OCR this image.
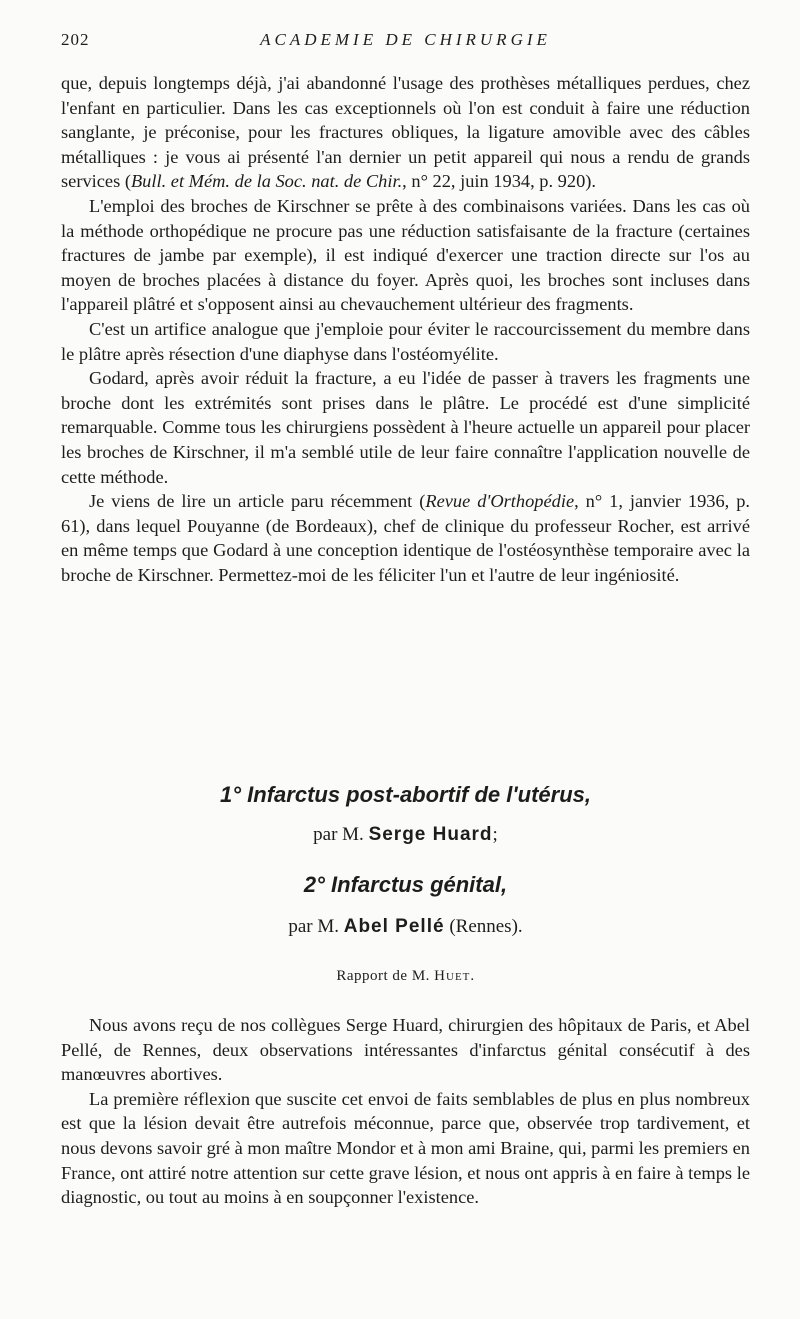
202	ACADEMIE DE CHIRURGIE

que, depuis longtemps déjà, j'ai abandonné l'usage des prothèses métalliques perdues, chez l'enfant en particulier. Dans les cas exceptionnels où l'on est conduit à faire une réduction sanglante, je préconise, pour les fractures obliques, la ligature amovible avec des câbles métalliques : je vous ai présenté l'an dernier un petit appareil qui nous a rendu de grands services (Bull. et Mém. de la Soc. nat. de Chir., n° 22, juin 1934, p. 920).

L'emploi des broches de Kirschner se prête à des combinaisons variées. Dans les cas où la méthode orthopédique ne procure pas une réduction satisfaisante de la fracture (certaines fractures de jambe par exemple), il est indiqué d'exercer une traction directe sur l'os au moyen de broches placées à distance du foyer. Après quoi, les broches sont incluses dans l'appareil plâtré et s'opposent ainsi au chevauchement ultérieur des fragments.

C'est un artifice analogue que j'emploie pour éviter le raccourcissement du membre dans le plâtre après résection d'une diaphyse dans l'ostéomyélite.

Godard, après avoir réduit la fracture, a eu l'idée de passer à travers les fragments une broche dont les extrémités sont prises dans le plâtre. Le procédé est d'une simplicité remarquable. Comme tous les chirurgiens possèdent à l'heure actuelle un appareil pour placer les broches de Kirschner, il m'a semblé utile de leur faire connaître l'application nouvelle de cette méthode.

Je viens de lire un article paru récemment (Revue d'Orthopédie, n° 1, janvier 1936, p. 61), dans lequel Pouyanne (de Bordeaux), chef de clinique du professeur Rocher, est arrivé en même temps que Godard à une conception identique de l'ostéosynthèse temporaire avec la broche de Kirschner. Permettez-moi de les féliciter l'un et l'autre de leur ingéniosité.

1° Infarctus post-abortif de l'utérus,
par M. Serge Huard;
2° Infarctus génital,
par M. Abel Pellé (Rennes).
Rapport de M. Huet.

Nous avons reçu de nos collègues Serge Huard, chirurgien des hôpitaux de Paris, et Abel Pellé, de Rennes, deux observations intéressantes d'infarctus génital consécutif à des manœuvres abortives.

La première réflexion que suscite cet envoi de faits semblables de plus en plus nombreux est que la lésion devait être autrefois méconnue, parce que, observée trop tardivement, et nous devons savoir gré à mon maître Mondor et à mon ami Braine, qui, parmi les premiers en France, ont attiré notre attention sur cette grave lésion, et nous ont appris à en faire à temps le diagnostic, ou tout au moins à en soupçonner l'existence.
